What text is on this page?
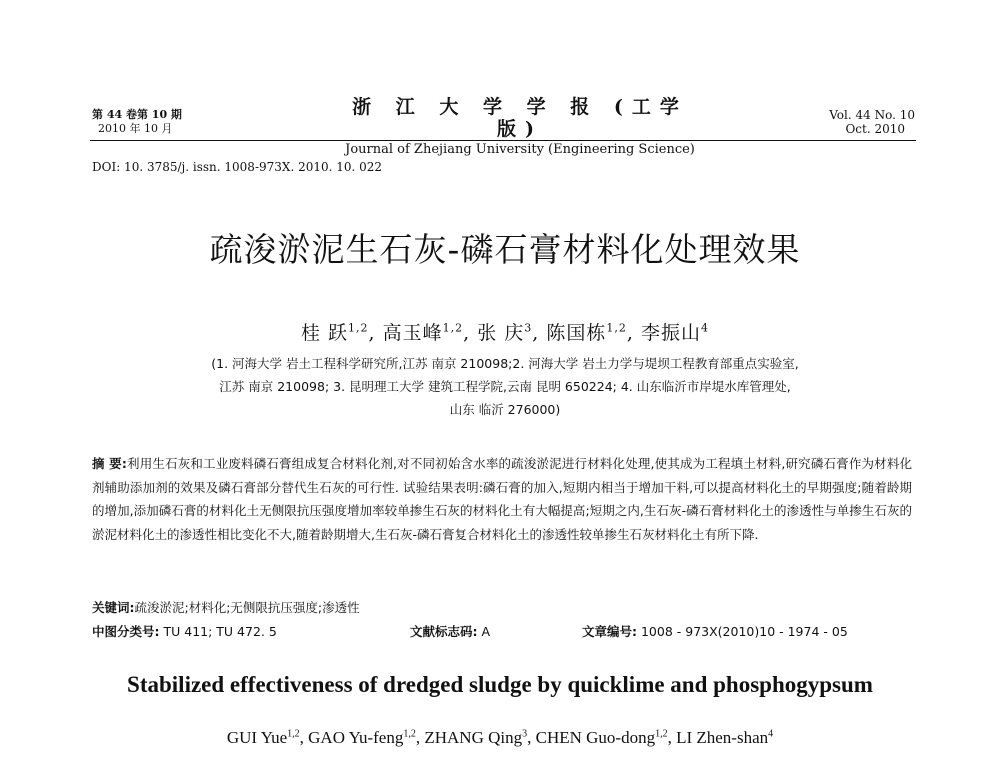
第 44 卷第 10 期
2010 年 10 月
浙 江 大 学 学 报 (工学版)
Journal of Zhejiang University (Engineering Science)
Vol. 44 No. 10
Oct. 2010
DOI: 10. 3785/j. issn. 1008-973X. 2010. 10. 022
疏浚淤泥生石灰-磷石膏材料化处理效果
桂 跃$^{1,2}$, 高玉峰$^{1,2}$, 张 庆$^3$, 陈国栋$^{1,2}$, 李振山$^4$
(1. 河海大学 岩土工程科学研究所,江苏 南京 210098;2. 河海大学 岩土力学与堤坝工程教育部重点实验室,
江苏 南京 210098; 3. 昆明理工大学 建筑工程学院,云南 昆明 650224; 4. 山东临沂市岸堤水库管理处,
山东 临沂 276000)
摘 要:利用生石灰和工业废料磷石膏组成复合材料化剂,对不同初始含水率的疏浚淤泥进行材料化处理,使其成为工程填土材料,研究磷石膏作为材料化剂辅助添加剂的效果及磷石膏部分替代生石灰的可行性. 试验结果表明:磷石膏的加入,短期内相当于增加干料,可以提高材料化土的早期强度;随着龄期的增加,添加磷石膏的材料化土无侧限抗压强度增加率较单掺生石灰的材料化土有大幅提高;短期之内,生石灰-磷石膏材料化土的渗透性与单掺生石灰的淤泥材料化土的渗透性相比变化不大,随着龄期增大,生石灰-磷石膏复合材料化土的渗透性较单掺生石灰材料化土有所下降.
关键词:疏浚淤泥;材料化;无侧限抗压强度;渗透性
中图分类号: TU 411; TU 472. 5	文献标志码: A	文章编号: 1008 - 973X(2010)10 - 1974 - 05
Stabilized effectiveness of dredged sludge by quicklime and phosphogypsum
GUI Yue$^{1,2}$, GAO Yu-feng$^{1,2}$, ZHANG Qing$^3$, CHEN Guo-dong$^{1,2}$, LI Zhen-shan$^4$
